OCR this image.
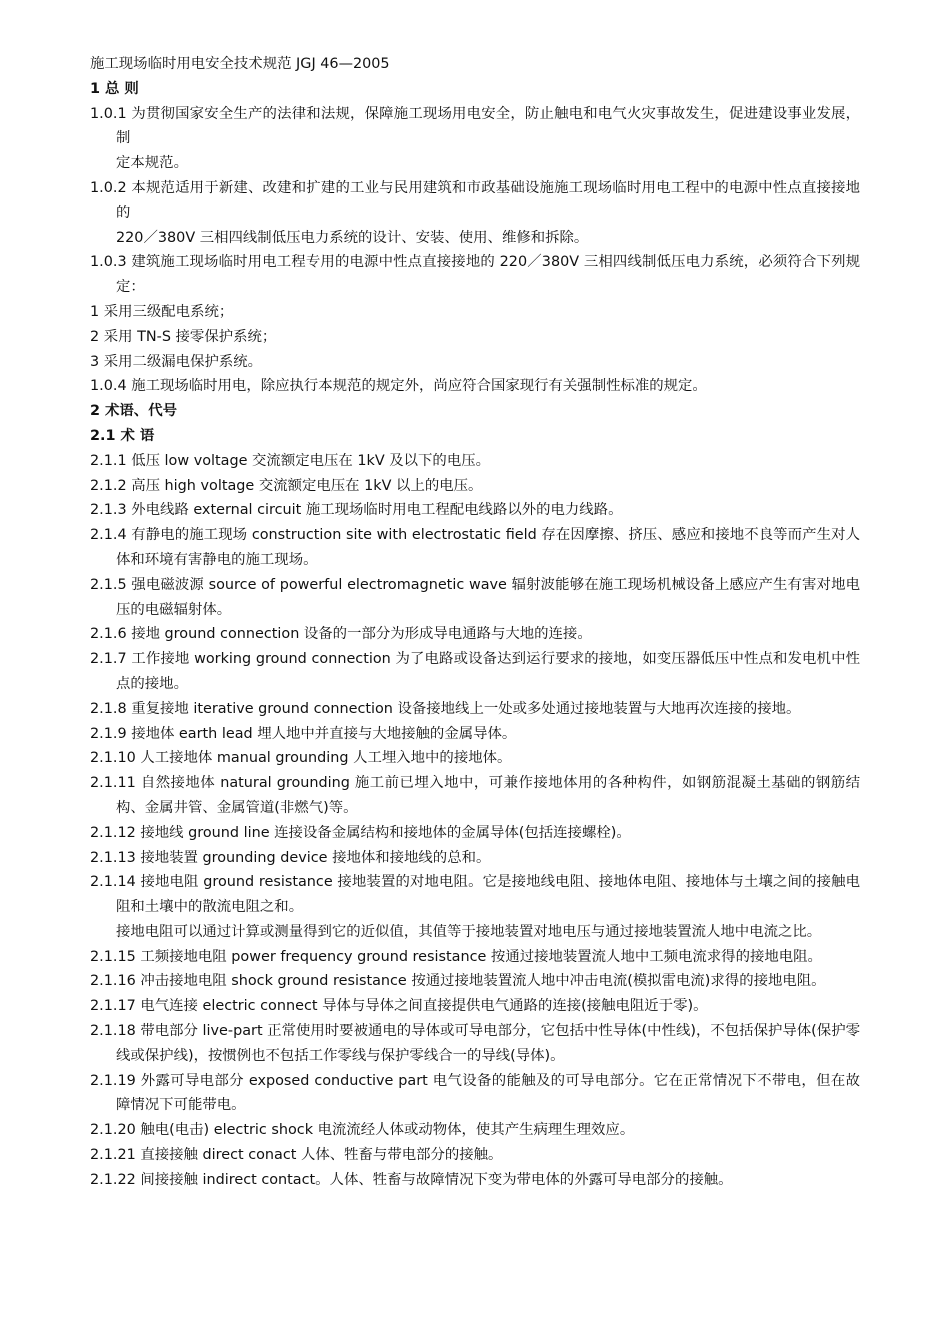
施工现场临时用电安全技术规范 JGJ 46—2005

1 总 则

1.0.1 为贯彻国家安全生产的法律和法规，保障施工现场用电安全，防止触电和电气火灾事故发生，促进建设事业发展，制

定本规范。

1.0.2 本规范适用于新建、改建和扩建的工业与民用建筑和市政基础设施施工现场临时用电工程中的电源中性点直接接地的

220／380V 三相四线制低压电力系统的设计、安装、使用、维修和拆除。

1.0.3 建筑施工现场临时用电工程专用的电源中性点直接接地的 220／380V 三相四线制低压电力系统，必须符合下列规定：

1 采用三级配电系统；

2 采用 TN-S 接零保护系统；

3 采用二级漏电保护系统。

1.0.4 施工现场临时用电，除应执行本规范的规定外，尚应符合国家现行有关强制性标准的规定。

2 术语、代号

2.1 术 语

2.1.1 低压 low voltage 交流额定电压在 1kV 及以下的电压。

2.1.2 高压 high voltage 交流额定电压在 1kV 以上的电压。

2.1.3 外电线路 external circuit 施工现场临时用电工程配电线路以外的电力线路。

2.1.4 有静电的施工现场 construction site with electrostatic field 存在因摩擦、挤压、感应和接地不良等而产生对人体和环境有害静电的施工现场。

2.1.5 强电磁波源 source of powerful electromagnetic wave 辐射波能够在施工现场机械设备上感应产生有害对地电压的电磁辐射体。

2.1.6 接地 ground connection 设备的一部分为形成导电通路与大地的连接。

2.1.7 工作接地 working ground connection 为了电路或设备达到运行要求的接地，如变压器低压中性点和发电机中性点的接地。

2.1.8 重复接地 iterative ground connection 设备接地线上一处或多处通过接地装置与大地再次连接的接地。

2.1.9 接地体 earth lead 埋人地中并直接与大地接触的金属导体。

2.1.10 人工接地体 manual grounding 人工埋入地中的接地体。

2.1.11 自然接地体 natural grounding 施工前已埋入地中，可兼作接地体用的各种构件，如钢筋混凝土基础的钢筋结构、金属井管、金属管道(非燃气)等。

2.1.12 接地线 ground line 连接设备金属结构和接地体的金属导体(包括连接螺栓)。

2.1.13 接地装置 grounding device 接地体和接地线的总和。

2.1.14 接地电阻 ground resistance 接地装置的对地电阻。它是接地线电阻、接地体电阻、接地体与土壤之间的接触电阻和土壤中的散流电阻之和。

接地电阻可以通过计算或测量得到它的近似值，其值等于接地装置对地电压与通过接地装置流人地中电流之比。

2.1.15 工频接地电阻 power frequency ground resistance 按通过接地装置流人地中工频电流求得的接地电阻。

2.1.16 冲击接地电阻 shock ground resistance 按通过接地装置流人地中冲击电流(模拟雷电流)求得的接地电阻。

2.1.17 电气连接 electric connect 导体与导体之间直接提供电气通路的连接(接触电阻近于零)。

2.1.18 带电部分 live-part 正常使用时要被通电的导体或可导电部分，它包括中性导体(中性线)，不包括保护导体(保护零线或保护线)，按惯例也不包括工作零线与保护零线合一的导线(导体)。

2.1.19 外露可导电部分 exposed conductive part 电气设备的能触及的可导电部分。它在正常情况下不带电，但在故障情况下可能带电。

2.1.20 触电(电击) electric shock 电流流经人体或动物体，使其产生病理生理效应。

2.1.21 直接接触 direct conact 人体、牲畜与带电部分的接触。

2.1.22 间接接触 indirect contact。人体、牲畜与故障情况下变为带电体的外露可导电部分的接触。
